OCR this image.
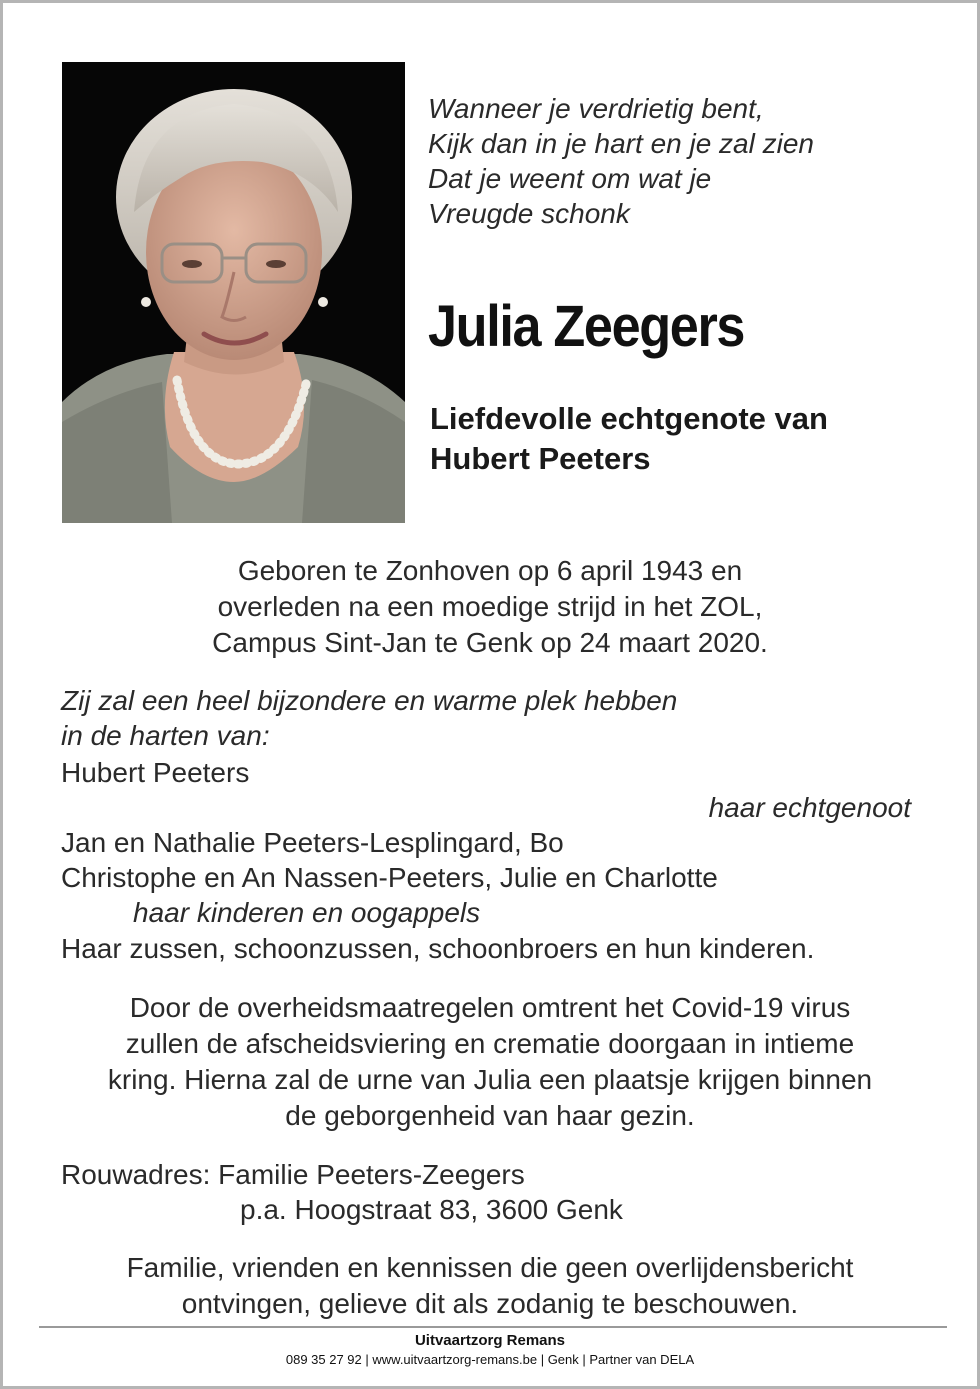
Wanneer je verdrietig bent,
Kijk dan in je hart en je zal zien
Dat je weent om wat je
Vreugde schonk
Julia Zeegers
Liefdevolle echtgenote van
Hubert Peeters
Geboren te Zonhoven op 6 april 1943 en
overleden na een moedige strijd in het ZOL,
Campus Sint-Jan te Genk op 24 maart 2020.
Zij zal een heel bijzondere en warme plek hebben
in de harten van:
Hubert Peeters
haar echtgenoot
Jan en Nathalie Peeters-Lesplingard, Bo
Christophe en An Nassen-Peeters, Julie en Charlotte
haar kinderen en oogappels
Haar zussen, schoonzussen, schoonbroers en hun kinderen.
Door de overheidsmaatregelen omtrent het Covid-19 virus
zullen de afscheidsviering en crematie doorgaan in intieme
kring. Hierna zal de urne van Julia een plaatsje krijgen binnen
de geborgenheid van haar gezin.
Rouwadres: Familie Peeters-Zeegers
p.a. Hoogstraat 83, 3600 Genk
Familie, vrienden en kennissen die geen overlijdensbericht
ontvingen, gelieve dit als zodanig te beschouwen.
Uitvaartzorg Remans
089 35 27 92 | www.uitvaartzorg-remans.be | Genk | Partner van DELA
